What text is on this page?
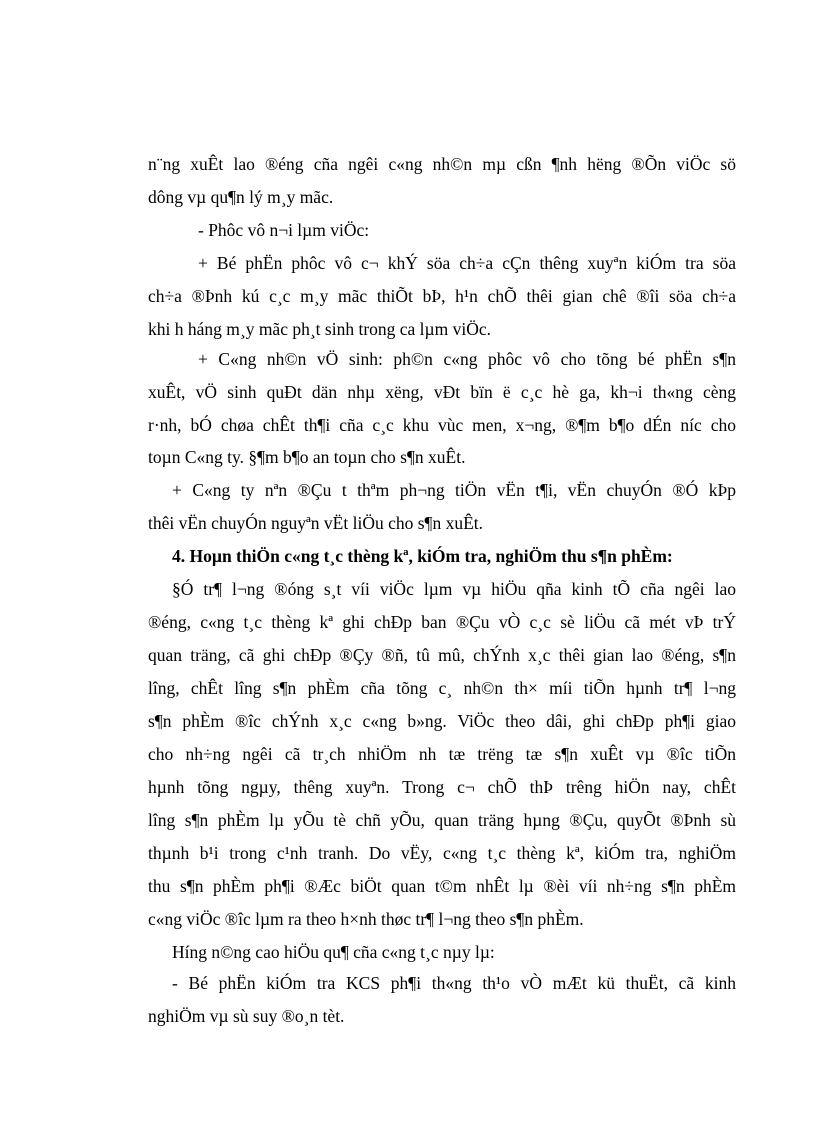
n¨ng xuÊt lao ®éng cña ngêi c«ng nh©n mµ cßn ¶nh hëng ®Õn viÖc sö
dông vµ qu¶n lý m¸y mãc.
- Phôc vô n¬i lµm viÖc:
+ Bé phËn phôc vô c¬ khÝ söa ch÷a cÇn thêng xuyªn kiÓm tra söa
ch÷a ®Þnh kú c¸c m¸y mãc thiÕt bÞ, h¹n chÕ thêi gian chê ®îi söa ch÷a
khi h háng m¸y mãc ph¸t sinh trong ca lµm viÖc.
+ C«ng nh©n vÖ sinh: ph©n c«ng phôc vô cho tõng bé phËn s¶n
xuÊt, vÖ sinh quÐt dän nhµ xëng, vÐt bïn ë c¸c hè ga, kh¬i th«ng cèng
r·nh, bÓ chøa chÊt th¶i cña c¸c khu vùc men, x¬ng, ®¶m b¶o dÉn níc cho
toµn C«ng ty. §¶m b¶o an toµn cho s¶n xuÊt.
+ C«ng ty nªn ®Çu t thªm ph¬ng tiÖn vËn t¶i, vËn chuyÓn ®Ó kÞp
thêi vËn chuyÓn nguyªn vËt liÖu cho s¶n xuÊt.
4. Hoµn thiÖn c«ng t¸c thèng kª, kiÓm tra, nghiÖm thu s¶n phÈm:
§Ó tr¶ l¬ng ®óng s¸t víi viÖc lµm vµ hiÖu qña kinh tÕ cña ngêi lao
®éng, c«ng t¸c thèng kª ghi chÐp ban ®Çu vÒ c¸c sè liÖu cã mét vÞ trÝ
quan träng, cã ghi chÐp ®Çy ®ñ, tû mû, chÝnh x¸c thêi gian lao ®éng, s¶n
lîng, chÊt lîng s¶n phÈm cña tõng c¸ nh©n th× míi tiÕn hµnh tr¶ l¬ng
s¶n phÈm ®îc chÝnh x¸c c«ng b»ng. ViÖc theo dâi, ghi chÐp ph¶i giao
cho nh÷ng ngêi cã tr¸ch nhiÖm nh tæ trëng tæ s¶n xuÊt vµ ®îc tiÕn
hµnh tõng ngµy, thêng xuyªn. Trong c¬ chÕ thÞ trêng hiÖn nay, chÊt
lîng s¶n phÈm lµ yÕu tè chñ yÕu, quan träng hµng ®Çu, quyÕt ®Þnh sù
thµnh b¹i trong c¹nh tranh. Do vËy, c«ng t¸c thèng kª, kiÓm tra, nghiÖm
thu s¶n phÈm ph¶i ®Æc biÖt quan t©m nhÊt lµ ®èi víi nh÷ng s¶n phÈm
c«ng viÖc ®îc lµm ra theo h×nh thøc tr¶ l¬ng theo s¶n phÈm.
Híng n©ng cao hiÖu qu¶ cña c«ng t¸c nµy lµ:
- Bé phËn kiÓm tra KCS ph¶i th«ng th¹o vÒ mÆt kü thuËt, cã kinh
nghiÖm vµ sù suy ®o¸n tèt.
